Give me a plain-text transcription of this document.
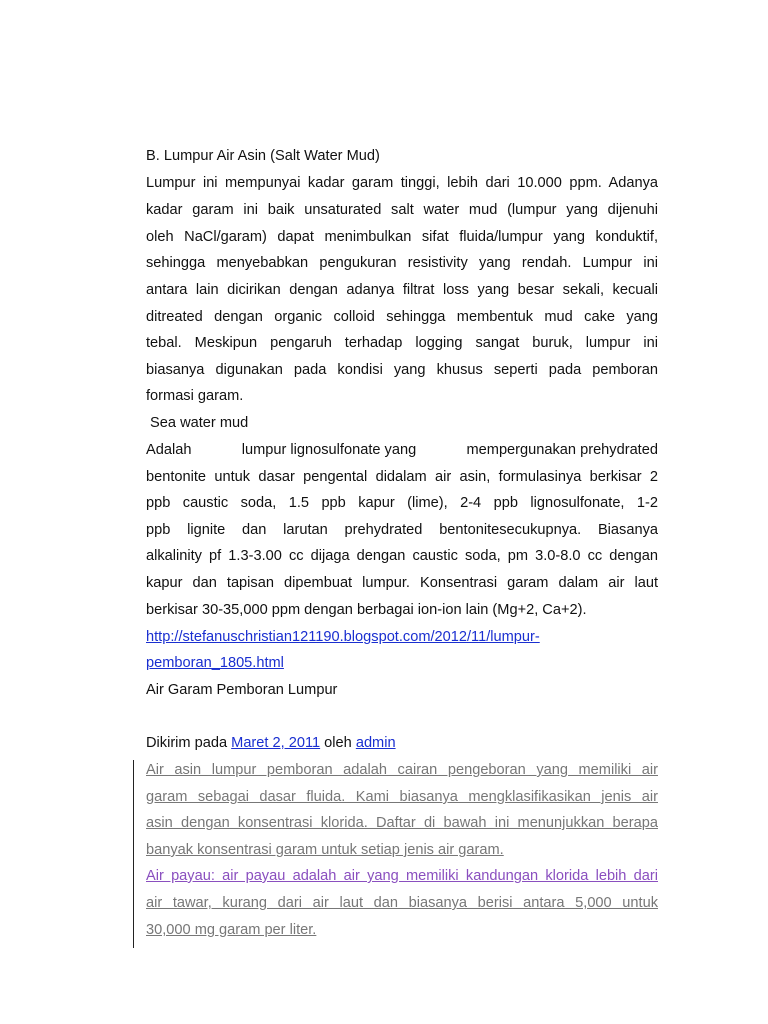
B. Lumpur Air Asin (Salt Water Mud)
Lumpur ini mempunyai kadar garam tinggi, lebih dari 10.000 ppm. Adanya
kadar garam ini baik unsaturated salt water mud (lumpur yang dijenuhi
oleh NaCl/garam) dapat menimbulkan sifat fluida/lumpur yang konduktif,
sehingga menyebabkan pengukuran resistivity yang rendah. Lumpur ini
antara lain dicirikan dengan adanya filtrat loss yang besar sekali, kecuali
ditreated dengan organic colloid sehingga membentuk mud cake yang
tebal. Meskipun pengaruh terhadap logging sangat buruk, lumpur ini
biasanya digunakan pada kondisi yang khusus seperti pada pemboran
formasi garam.
Sea water mud
Adalah	lumpur lignosulfonate yang	mempergunakan prehydrated
bentonite untuk dasar pengental didalam air asin, formulasinya berkisar 2
ppb caustic soda, 1.5 ppb kapur (lime), 2-4 ppb lignosulfonate, 1-2
ppb lignite dan larutan prehydrated bentonitesecukupnya. Biasanya
alkalinity pf 1.3-3.00 cc dijaga dengan caustic soda, pm 3.0-8.0 cc dengan
kapur dan tapisan dipembuat lumpur. Konsentrasi garam dalam air laut
berkisar 30-35,000 ppm dengan berbagai ion-ion lain (Mg+2, Ca+2).
http://stefanuschristian121190.blogspot.com/2012/11/lumpur-
pemboran_1805.html
Air Garam Pemboran Lumpur
Dikirim pada Maret 2, 2011 oleh admin
Air asin lumpur pemboran adalah cairan pengeboran yang memiliki air
garam sebagai dasar fluida. Kami biasanya mengklasifikasikan jenis air
asin dengan konsentrasi klorida. Daftar di bawah ini menunjukkan berapa
banyak konsentrasi garam untuk setiap jenis air garam.
Air payau: air payau adalah air yang memiliki kandungan klorida lebih dari
air tawar, kurang dari air laut dan biasanya berisi antara 5,000 untuk
30,000 mg garam per liter.
